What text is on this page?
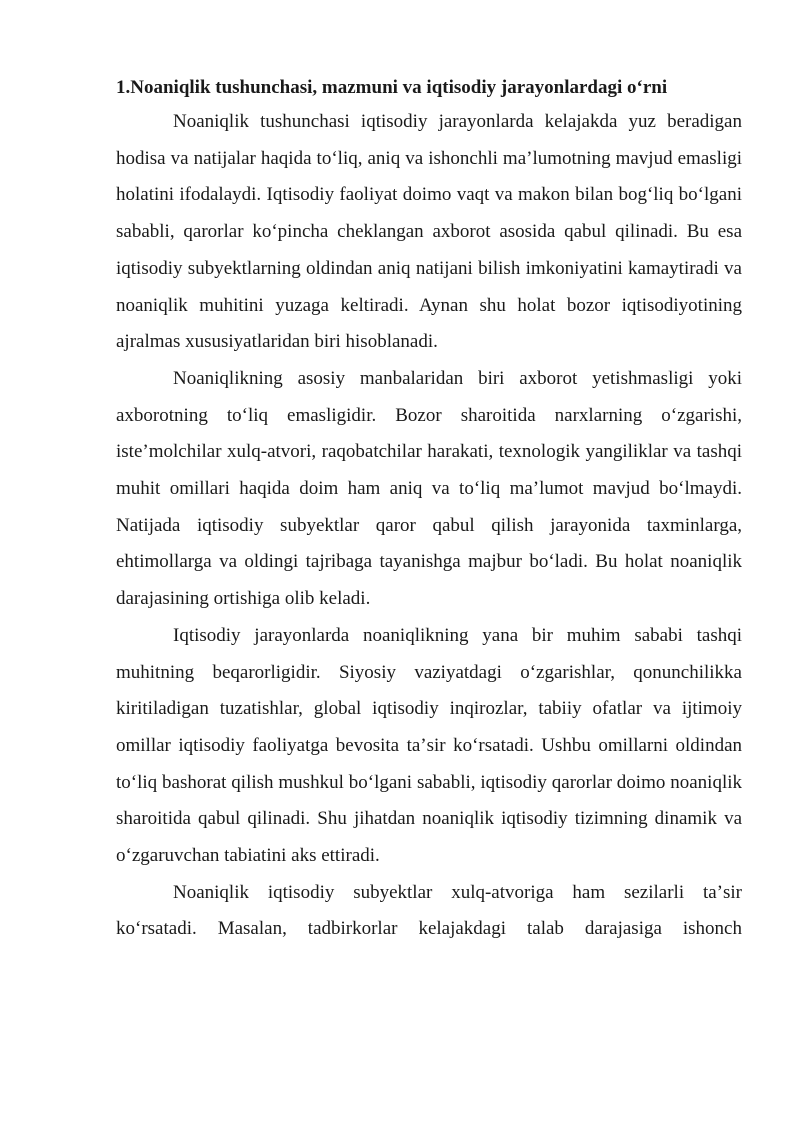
1.Noaniqlik tushunchasi, mazmuni va iqtisodiy jarayonlardagi oʻrni

Noaniqlik tushunchasi iqtisodiy jarayonlarda kelajakda yuz beradigan hodisa va natijalar haqida toʻliq, aniq va ishonchli maʼlumotning mavjud emasligi holatini ifodalaydi. Iqtisodiy faoliyat doimo vaqt va makon bilan bogʻliq boʻlgani sababli, qarorlar koʻpincha cheklangan axborot asosida qabul qilinadi. Bu esa iqtisodiy subyektlarning oldindan aniq natijani bilish imkoniyatini kamaytiradi va noaniqlik muhitini yuzaga keltiradi. Aynan shu holat bozor iqtisodiyotining ajralmas xususiyatlaridan biri hisoblanadi.

Noaniqlikning asosiy manbalaridan biri axborot yetishmasligi yoki axborotning toʻliq emasligidir. Bozor sharoitida narxlarning oʻzgarishi, isteʼmolchilar xulq-atvori, raqobatchilar harakati, texnologik yangiliklar va tashqi muhit omillari haqida doim ham aniq va toʻliq maʼlumot mavjud boʻlmaydi. Natijada iqtisodiy subyektlar qaror qabul qilish jarayonida taxminlarga, ehtimollarga va oldingi tajribaga tayanishga majbur boʻladi. Bu holat noaniqlik darajasining ortishiga olib keladi.

Iqtisodiy jarayonlarda noaniqlikning yana bir muhim sababi tashqi muhitning beqarorligidir. Siyosiy vaziyatdagi oʻzgarishlar, qonunchilikka kiritiladigan tuzatishlar, global iqtisodiy inqirozlar, tabiiy ofatlar va ijtimoiy omillar iqtisodiy faoliyatga bevosita taʼsir koʻrsatadi. Ushbu omillarni oldindan toʻliq bashorat qilish mushkul boʻlgani sababli, iqtisodiy qarorlar doimo noaniqlik sharoitida qabul qilinadi. Shu jihatdan noaniqlik iqtisodiy tizimning dinamik va oʻzgaruvchan tabiatini aks ettiradi.

Noaniqlik iqtisodiy subyektlar xulq-atvoriga ham sezilarli taʼsir koʻrsatadi. Masalan, tadbirkorlar kelajakdagi talab darajasiga ishonch
